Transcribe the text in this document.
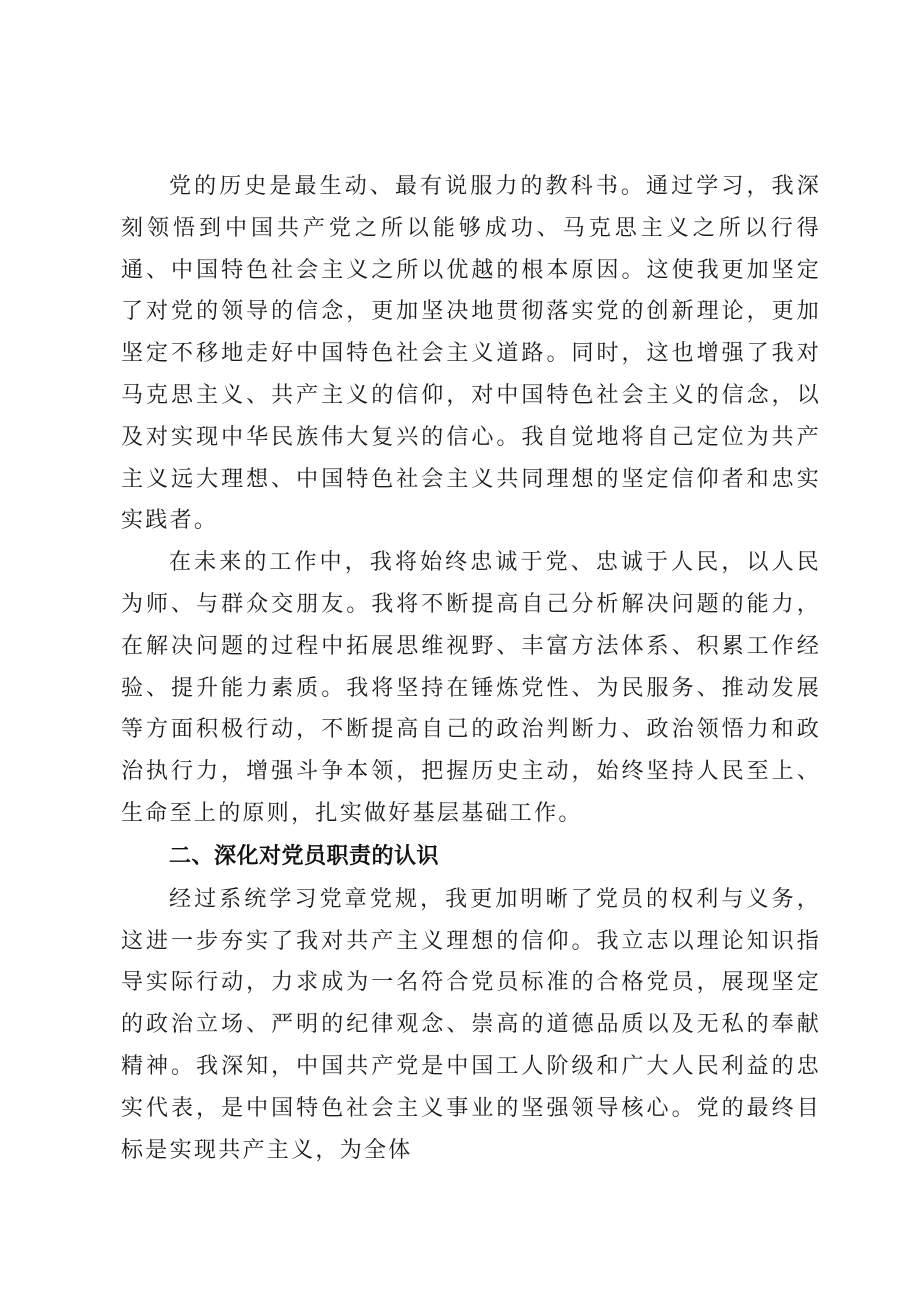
党的历史是最生动、最有说服力的教科书。通过学习，我深刻领悟到中国共产党之所以能够成功、马克思主义之所以行得通、中国特色社会主义之所以优越的根本原因。这使我更加坚定了对党的领导的信念，更加坚决地贯彻落实党的创新理论，更加坚定不移地走好中国特色社会主义道路。同时，这也增强了我对马克思主义、共产主义的信仰，对中国特色社会主义的信念，以及对实现中华民族伟大复兴的信心。我自觉地将自己定位为共产主义远大理想、中国特色社会主义共同理想的坚定信仰者和忠实实践者。

在未来的工作中，我将始终忠诚于党、忠诚于人民，以人民为师、与群众交朋友。我将不断提高自己分析解决问题的能力，在解决问题的过程中拓展思维视野、丰富方法体系、积累工作经验、提升能力素质。我将坚持在锤炼党性、为民服务、推动发展等方面积极行动，不断提高自己的政治判断力、政治领悟力和政治执行力，增强斗争本领，把握历史主动，始终坚持人民至上、生命至上的原则，扎实做好基层基础工作。

二、深化对党员职责的认识

经过系统学习党章党规，我更加明晰了党员的权利与义务，这进一步夯实了我对共产主义理想的信仰。我立志以理论知识指导实际行动，力求成为一名符合党员标准的合格党员，展现坚定的政治立场、严明的纪律观念、崇高的道德品质以及无私的奉献精神。我深知，中国共产党是中国工人阶级和广大人民利益的忠实代表，是中国特色社会主义事业的坚强领导核心。党的最终目标是实现共产主义，为全体
